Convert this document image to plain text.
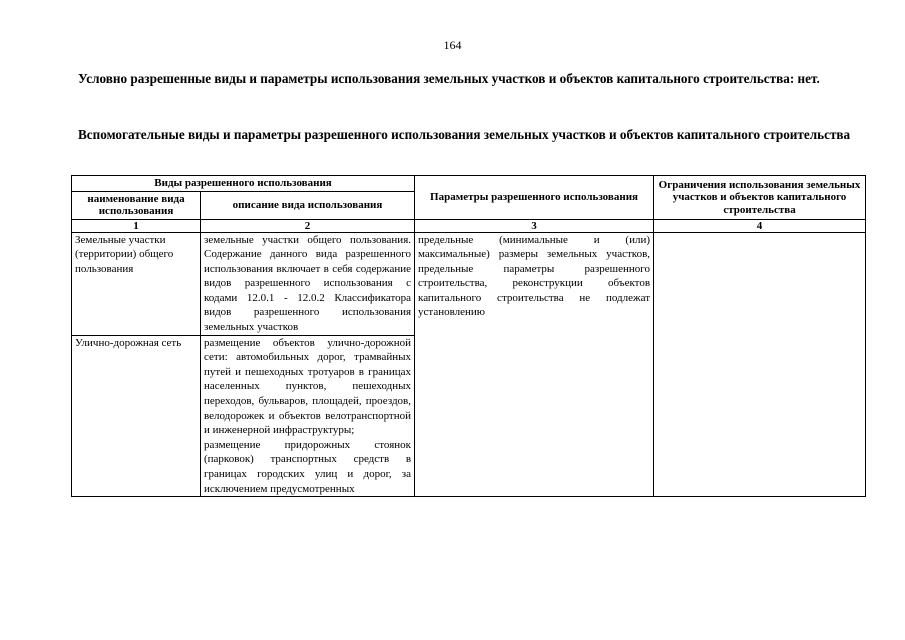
164
Условно разрешенные виды и параметры использования земельных участков и объектов капитального строительства: нет.
Вспомогательные виды и параметры разрешенного использования земельных участков и объектов капитального строительства
Виды разрешенного использования		Параметры разрешенного использования	Ограничения использования земельных участков и объектов капитального строительства
наименование вида использования	описание вида использования		
1	2	3	4
Земельные участки (территории) общего пользования	земельные участки общего пользования. Содержание данного вида разрешенного использования включает в себя содержание видов разрешенного использования с кодами 12.0.1 - 12.0.2 Классификатора видов разрешенного использования земельных участков	предельные (минимальные и (или) максимальные) размеры земельных участков, предельные параметры разрешенного строительства, реконструкции объектов капитального строительства не подлежат установлению	
Улично-дорожная сеть	размещение объектов улично-дорожной сети: автомобильных дорог, трамвайных путей и пешеходных тротуаров в границах населенных пунктов, пешеходных переходов, бульваров, площадей, проездов, велодорожек и объектов велотранспортной и инженерной инфраструктуры;
размещение придорожных стоянок (парковок) транспортных средств в границах городских улиц и дорог, за исключением предусмотренных		
